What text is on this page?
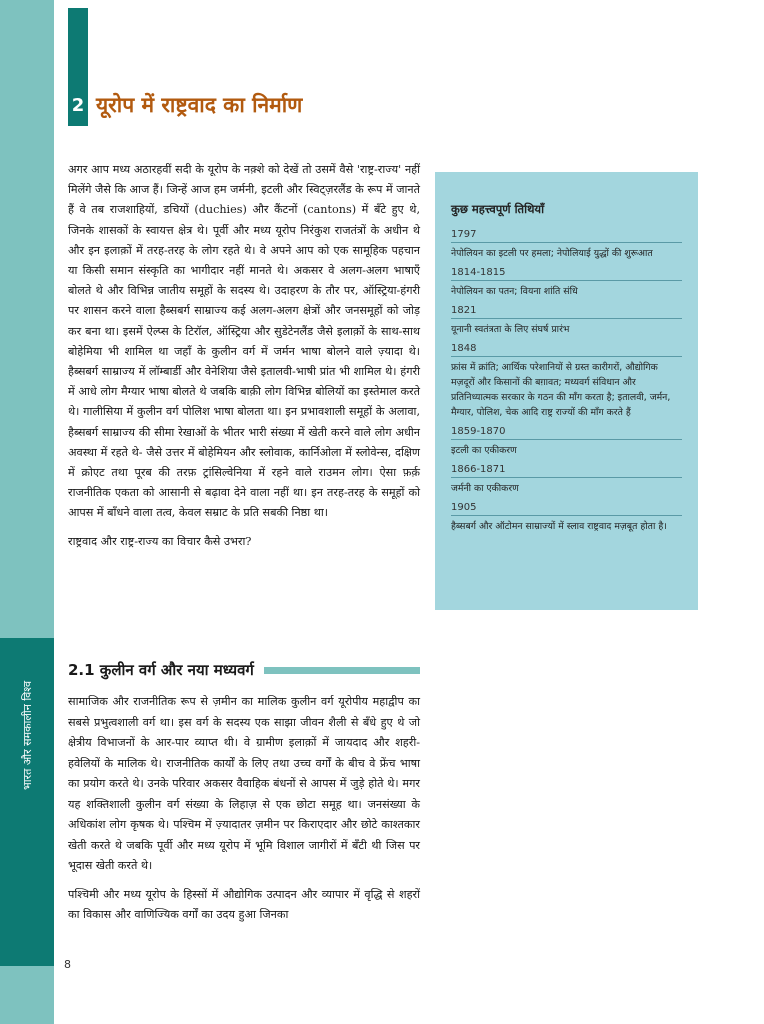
भारत और समकालीन विश्व
2 यूरोप में राष्ट्रवाद का निर्माण

अगर आप मध्य अठारहवीं सदी के यूरोप के नक़्शे को देखें तो उसमें वैसे 'राष्ट्र-राज्य' नहीं मिलेंगे जैसे कि आज हैं। जिन्हें आज हम जर्मनी, इटली और स्विट्ज़रलैंड के रूप में जानते हैं वे तब राजशाहियों, डचियों (duchies) और कैंटनों (cantons) में बँटे हुए थे, जिनके शासकों के स्वायत्त क्षेत्र थे। पूर्वी और मध्य यूरोप निरंकुश राजतंत्रों के अधीन थे और इन इलाक़ों में तरह-तरह के लोग रहते थे। वे अपने आप को एक सामूहिक पहचान या किसी समान संस्कृति का भागीदार नहीं मानते थे। अकसर वे अलग-अलग भाषाएँ बोलते थे और विभिन्न जातीय समूहों के सदस्य थे। उदाहरण के तौर पर, ऑस्ट्रिया-हंगरी पर शासन करने वाला हैब्सबर्ग साम्राज्य कई अलग-अलग क्षेत्रों और जनसमूहों को जोड़ कर बना था। इसमें ऐल्प्स के टिरॉल, ऑस्ट्रिया और सुडेटेनलैंड जैसे इलाक़ों के साथ-साथ बोहेमिया भी शामिल था जहाँ के कुलीन वर्ग में जर्मन भाषा बोलने वाले ज़्यादा थे। हैब्सबर्ग साम्राज्य में लॉम्बार्डी और वेनेशिया जैसे इतालवी-भाषी प्रांत भी शामिल थे। हंगरी में आधे लोग मैग्यार भाषा बोलते थे जबकि बाक़ी लोग विभिन्न बोलियों का इस्तेमाल करते थे। गालीसिया में कुलीन वर्ग पोलिश भाषा बोलता था। इन प्रभावशाली समूहों के अलावा, हैब्सबर्ग साम्राज्य की सीमा रेखाओं के भीतर भारी संख्या में खेती करने वाले लोग अधीन अवस्था में रहते थे- जैसे उत्तर में बोहेमियन और स्लोवाक, कार्निओला में स्लोवेन्स, दक्षिण में क्रोएट तथा पूरब की तरफ़ ट्रांसिल्वेनिया में रहने वाले राउमन लोग। ऐसा फ़र्क़ राजनीतिक एकता को आसानी से बढ़ावा देने वाला नहीं था। इन तरह-तरह के समूहों को आपस में बाँधने वाला तत्व, केवल सम्राट के प्रति सबकी निष्ठा था।

राष्ट्रवाद और राष्ट्र-राज्य का विचार कैसे उभरा?

कुछ महत्त्वपूर्ण तिथियाँ
1797
नेपोलियन का इटली पर हमला; नेपोलियाई युद्धों की शुरूआत
1814-1815
नेपोलियन का पतन; वियना शांति संधि
1821
यूनानी स्वतंत्रता के लिए संघर्ष प्रारंभ
1848
फ्रांस में क्रांति; आर्थिक परेशानियों से ग्रस्त कारीगरों, औद्योगिक मज़दूरों और किसानों की बग़ावत; मध्यवर्ग संविधान और प्रतिनिध्यात्मक सरकार के गठन की माँग करता है; इतालवी, जर्मन, मैग्यार, पोलिश, चेक आदि राष्ट्र राज्यों की माँग करते हैं
1859-1870
इटली का एकीकरण
1866-1871
जर्मनी का एकीकरण
1905
हैब्सबर्ग और ऑटोमन साम्राज्यों में स्लाव राष्ट्रवाद मज़बूत होता है।
2.1 कुलीन वर्ग और नया मध्यवर्ग

सामाजिक और राजनीतिक रूप से ज़मीन का मालिक कुलीन वर्ग यूरोपीय महाद्वीप का सबसे प्रभुत्वशाली वर्ग था। इस वर्ग के सदस्य एक साझा जीवन शैली से बँधे हुए थे जो क्षेत्रीय विभाजनों के आर-पार व्याप्त थी। वे ग्रामीण इलाक़ों में जायदाद और शहरी-हवेलियों के मालिक थे। राजनीतिक कार्यों के लिए तथा उच्च वर्गों के बीच वे फ्रेंच भाषा का प्रयोग करते थे। उनके परिवार अकसर वैवाहिक बंधनों से आपस में जुड़े होते थे। मगर यह शक्तिशाली कुलीन वर्ग संख्या के लिहाज़ से एक छोटा समूह था। जनसंख्या के अधिकांश लोग कृषक थे। पश्चिम में ज़्यादातर ज़मीन पर किराएदार और छोटे काश्तकार खेती करते थे जबकि पूर्वी और मध्य यूरोप में भूमि विशाल जागीरों में बँटी थी जिस पर भूदास खेती करते थे।

पश्चिमी और मध्य यूरोप के हिस्सों में औद्योगिक उत्पादन और व्यापार में वृद्धि से शहरों का विकास और वाणिज्यिक वर्गों का उदय हुआ जिनका

8
